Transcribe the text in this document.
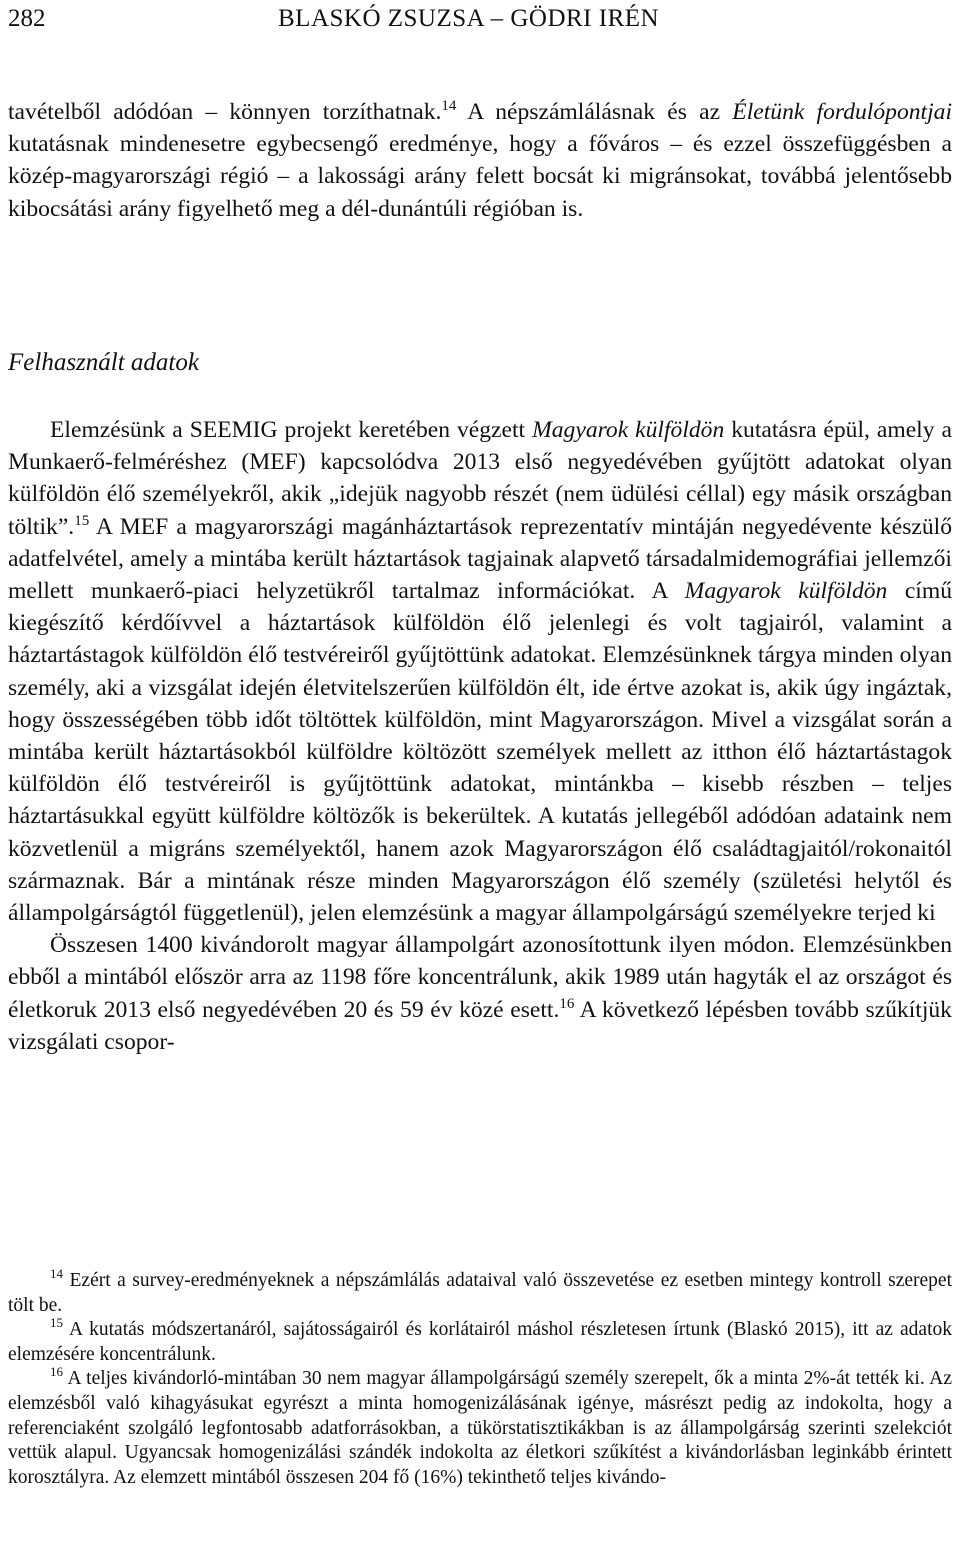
282	BLASKÓ ZSUZSA – GÖDRI IRÉN
tavételből adódóan – könnyen torzíthatnak.$^{14}$ A népszámlálásnak és az Életünk fordulópontjai kutatásnak mindenesetre egybecsengő eredménye, hogy a főváros – és ezzel összefüggésben a közép-magyarországi régió – a lakossági arány felett bocsát ki migránsokat, továbbá jelentősebb kibocsátási arány figyelhető meg a dél-dunántúli régióban is.
Felhasznált adatok

Elemzésünk a SEEMIG projekt keretében végzett Magyarok külföldön kutatásra épül, amely a Munkaerő-felméréshez (MEF) kapcsolódva 2013 első negyedévében gyűjtött adatokat olyan külföldön élő személyekről, akik „idejük nagyobb részét (nem üdülési céllal) egy másik országban töltik”.$^{15}$ A MEF a magyarországi magánháztartások reprezentatív mintáján negyedévente készülő adatfelvétel, amely a mintába került háztartások tagjainak alapvető társadalmidemográfiai jellemzői mellett munkaerő-piaci helyzetükről tartalmaz információkat. A Magyarok külföldön című kiegészítő kérdőívvel a háztartások külföldön élő jelenlegi és volt tagjairól, valamint a háztartástagok külföldön élő testvéreiről gyűjtöttünk adatokat. Elemzésünknek tárgya minden olyan személy, aki a vizsgálat idején életvitelszerűen külföldön élt, ide értve azokat is, akik úgy ingáztak, hogy összességében több időt töltöttek külföldön, mint Magyarországon. Mivel a vizsgálat során a mintába került háztartásokból külföldre költözött személyek mellett az itthon élő háztartástagok külföldön élő testvéreiről is gyűjtöttünk adatokat, mintánkba – kisebb részben – teljes háztartásukkal együtt külföldre költözők is bekerültek. A kutatás jellegéből adódóan adataink nem közvetlenül a migráns személyektől, hanem azok Magyarországon élő családtagjaitól/rokonaitól származnak. Bár a mintának része minden Magyarországon élő személy (születési helytől és állampolgárságtól függetlenül), jelen elemzésünk a magyar állampolgárságú személyekre terjed ki

Összesen 1400 kivándorolt magyar állampolgárt azonosítottunk ilyen módon. Elemzésünkben ebből a mintából először arra az 1198 főre koncentrálunk, akik 1989 után hagyták el az országot és életkoruk 2013 első negyedévében 20 és 59 év közé esett.$^{16}$ A következő lépésben tovább szűkítjük vizsgálati csopor-

$^{14}$ Ezért a survey-eredményeknek a népszámlálás adataival való összevetése ez esetben mintegy kontroll szerepet tölt be.

$^{15}$ A kutatás módszertanáról, sajátosságairól és korlátairól máshol részletesen írtunk (Blaskó 2015), itt az adatok elemzésére koncentrálunk.

$^{16}$ A teljes kivándorló-mintában 30 nem magyar állampolgárságú személy szerepelt, ők a minta 2%-át tették ki. Az elemzésből való kihagyásukat egyrészt a minta homogenizálásának igénye, másrészt pedig az indokolta, hogy a referenciaként szolgáló legfontosabb adatforrásokban, a tükörstatisztikákban is az állampolgárság szerinti szelekciót vettük alapul. Ugyancsak homogenizálási szándék indokolta az életkori szűkítést a kivándorlásban leginkább érintett korosztályra. Az elemzett mintából összesen 204 fő (16%) tekinthető teljes kivándo-
